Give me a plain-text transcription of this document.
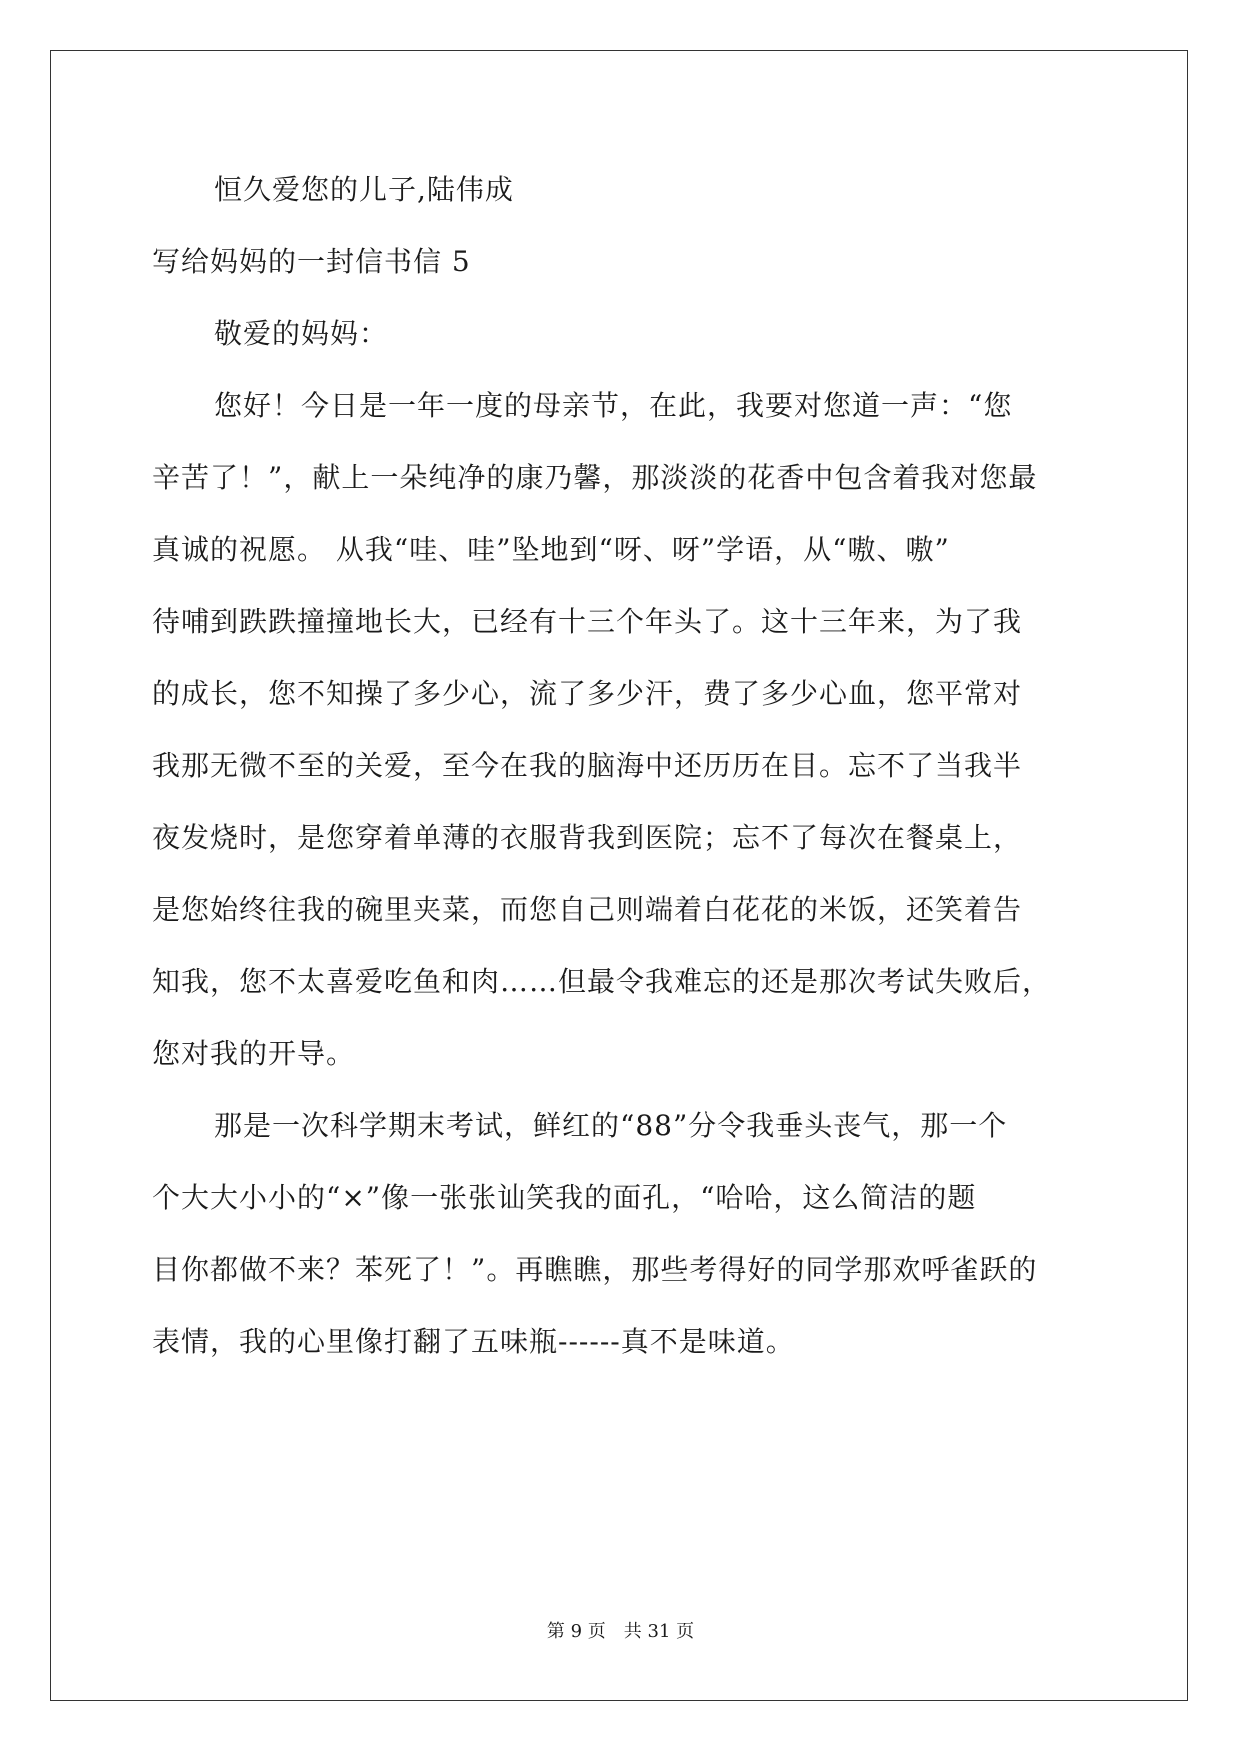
恒久爱您的儿子,陆伟成
写给妈妈的一封信书信 5
敬爱的妈妈：
您好！今日是一年一度的母亲节，在此，我要对您道一声：“您
辛苦了！”，献上一朵纯净的康乃馨，那淡淡的花香中包含着我对您最
真诚的祝愿。 从我“哇、哇”坠地到“呀、呀”学语，从“嗷、嗷”
待哺到跌跌撞撞地长大，已经有十三个年头了。这十三年来，为了我
的成长，您不知操了多少心，流了多少汗，费了多少心血，您平常对
我那无微不至的关爱，至今在我的脑海中还历历在目。忘不了当我半
夜发烧时，是您穿着单薄的衣服背我到医院；忘不了每次在餐桌上，
是您始终往我的碗里夹菜，而您自己则端着白花花的米饭，还笑着告
知我，您不太喜爱吃鱼和肉……但最令我难忘的还是那次考试失败后，
您对我的开导。
那是一次科学期末考试，鲜红的“88”分令我垂头丧气，那一个
个大大小小的“×”像一张张讪笑我的面孔，“哈哈，这么简洁的题
目你都做不来？苯死了！”。再瞧瞧，那些考得好的同学那欢呼雀跃的
表情，我的心里像打翻了五味瓶------真不是味道。
第 9 页　共 31 页
